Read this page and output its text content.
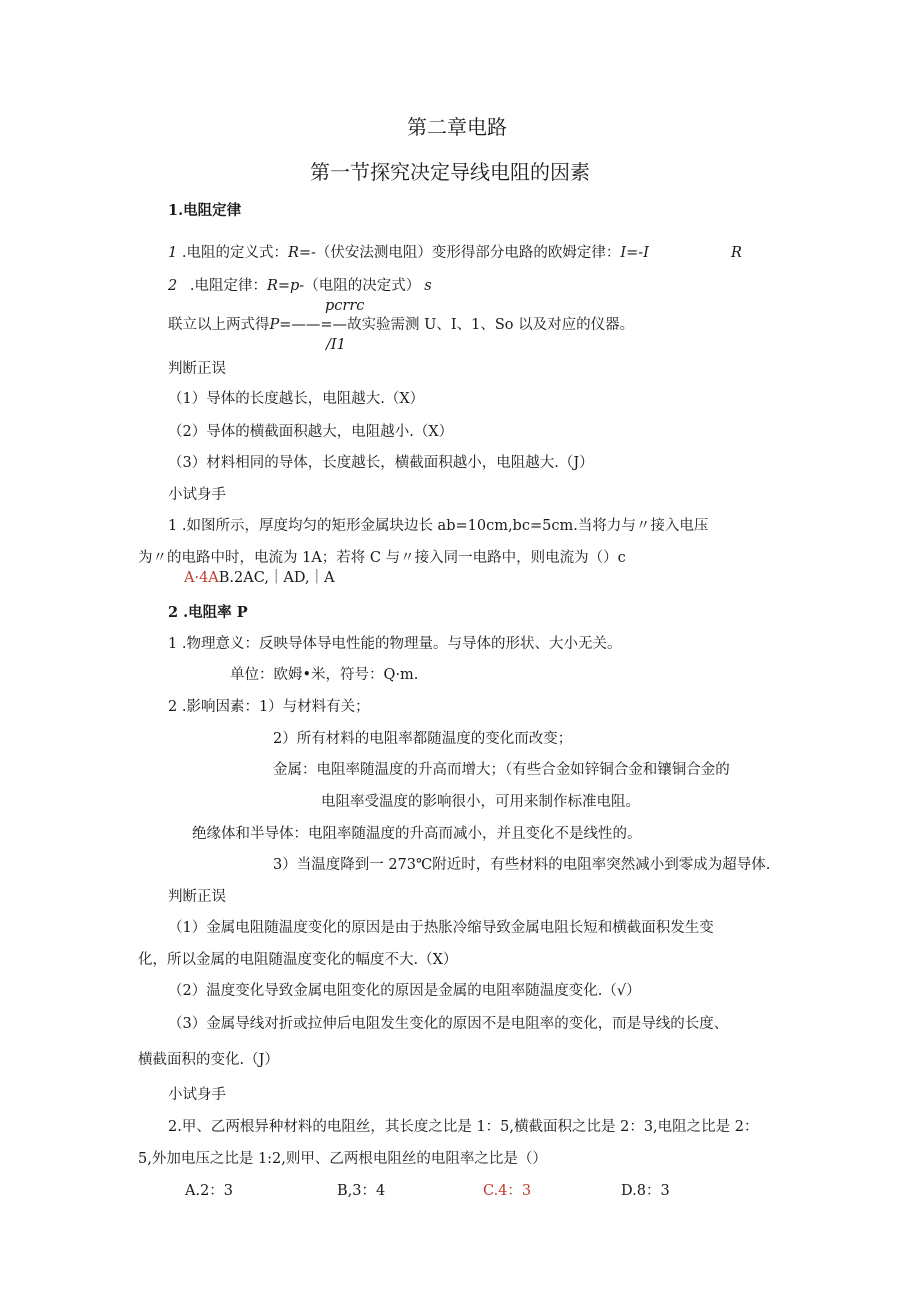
第二章电路
第一节探究决定导线电阻的因素
1.电阻定律
1 .电阻的定义式：R=-（伏安法测电阻）变形得部分电路的欧姆定律：I=-I	R
2 .电阻定律：R=p-（电阻的决定式） s
pcrrc
联立以上两式得P=——=—故实验需测 U、I、1、So 以及对应的仪器。
/I1
判断正误
（1）导体的长度越长，电阻越大.（X）
（2）导体的横截面积越大，电阻越小.（X）
（3）材料相同的导体，长度越长，横截面积越小，电阻越大.（J）
小试身手
1 .如图所示，厚度均匀的矩形金属块边长 ab=10cm,bc=5cm.当将力与〃接入电压
为〃的电路中时，电流为 1A；若将 C 与〃接入同一电路中，则电流为（）c
A·4AB.2AC,｜AD,｜A
2 .电阻率 P
1 .物理意义：反映导体导电性能的物理量。与导体的形状、大小无关。
单位：欧姆•米，符号：Q·m.
2 .影响因素：1）与材料有关；
2）所有材料的电阻率都随温度的变化而改变；
金属：电阻率随温度的升高而增大；（有些合金如锌铜合金和镶铜合金的
电阻率受温度的影响很小，可用来制作标准电阻。
绝缘体和半导体：电阻率随温度的升高而减小，并且变化不是线性的。
3）当温度降到一 273℃附近时，有些材料的电阻率突然减小到零成为超导体.
判断正误
（1）金属电阻随温度变化的原因是由于热胀冷缩导致金属电阻长短和横截面积发生变
化，所以金属的电阻随温度变化的幅度不大.（X）
（2）温度变化导致金属电阻变化的原因是金属的电阻率随温度变化.（√）
（3）金属导线对折或拉伸后电阻发生变化的原因不是电阻率的变化，而是导线的长度、
横截面积的变化.（J）
小试身手
2.甲、乙两根异种材料的电阻丝，其长度之比是 1：5,横截面积之比是 2：3,电阻之比是 2：
5,外加电压之比是 1:2,则甲、乙两根电阻丝的电阻率之比是（）
A.2：3	B,3：4	C.4：3	D.8：3
